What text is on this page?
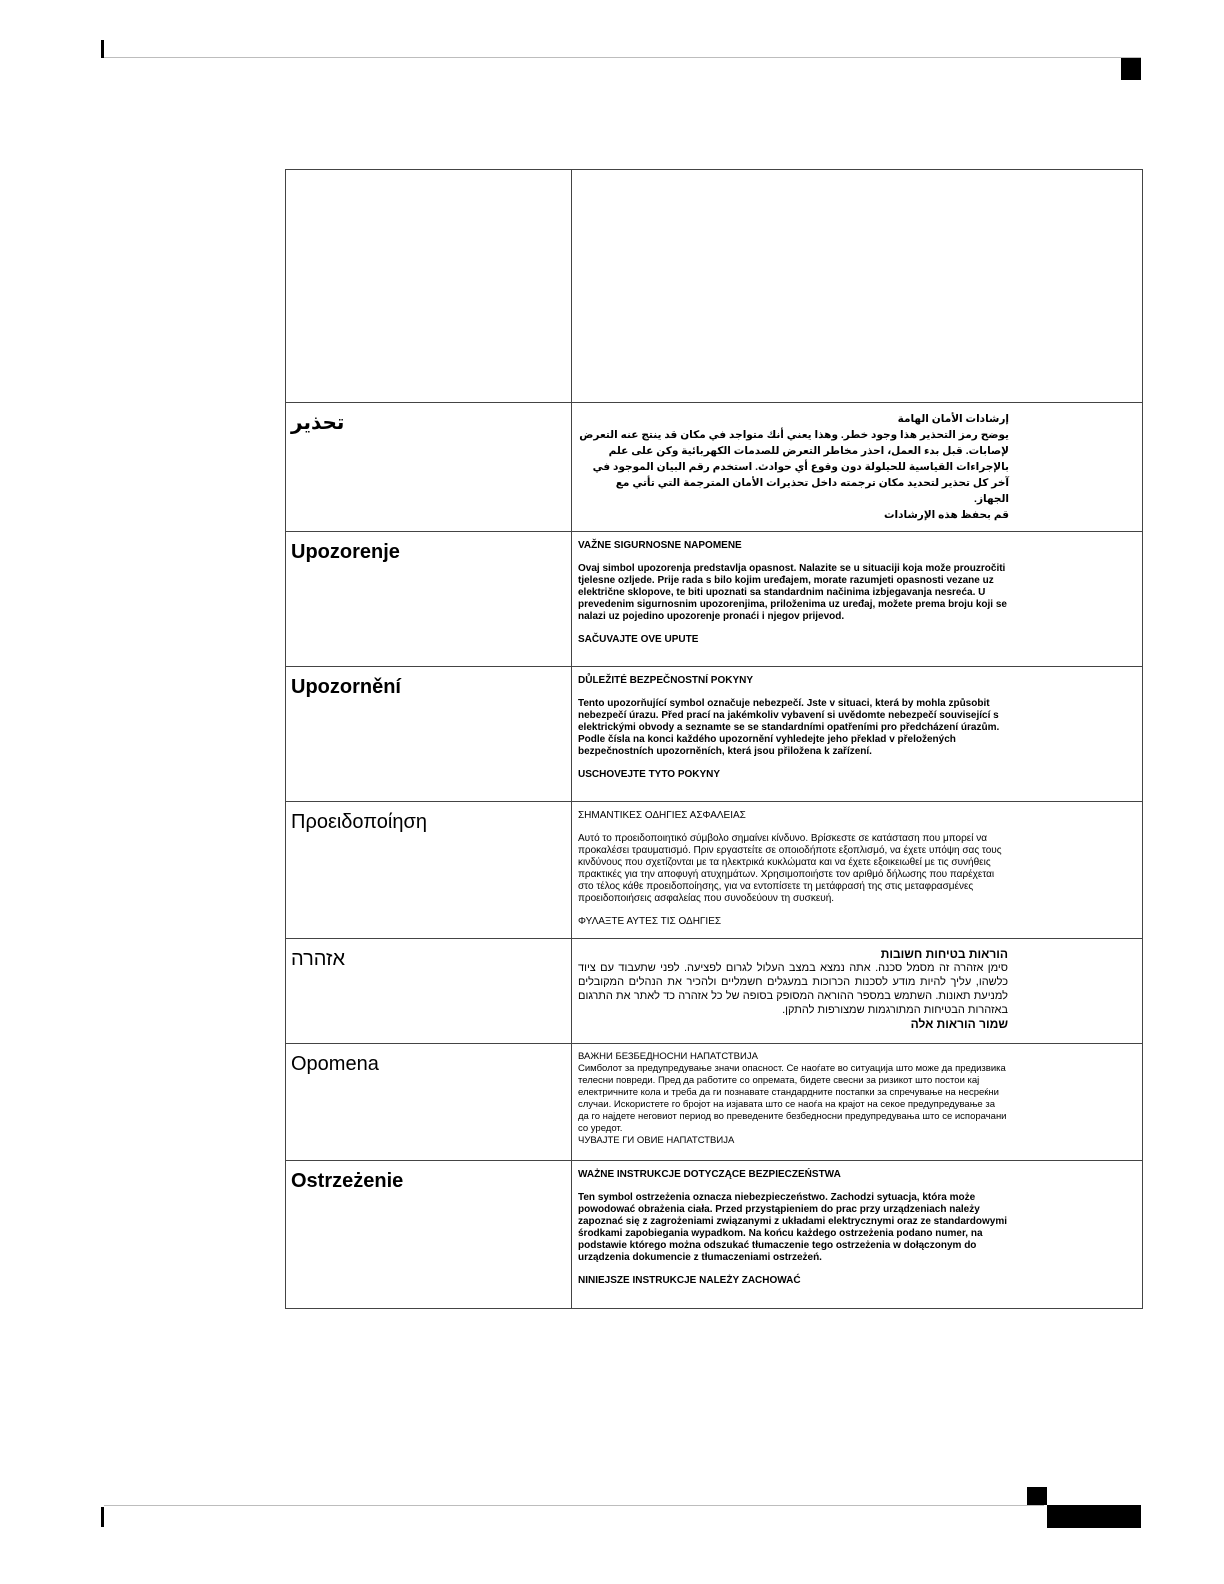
تحذير	إرشادات الأمان الهامة

يوضح رمز التحذير هذا وجود خطر. وهذا يعني أنك متواجد في مكان قد ينتج عنه التعرض لإصابات. قبل بدء العمل، احذر مخاطر التعرض للصدمات الكهربائية وكن على علم بالإجراءات القياسية للحيلولة دون وقوع أي حوادث. استخدم رقم البيان الموجود في آخر كل تحذير لتحديد مكان ترجمته داخل تحذيرات الأمان المترجمة التي تأتي مع الجهاز.

قم بحفظ هذه الإرشادات

Upozorenje	VAŽNE SIGURNOSNE NAPOMENE

Ovaj simbol upozorenja predstavlja opasnost. Nalazite se u situaciji koja može prouzročiti tjelesne ozljede. Prije rada s bilo kojim uređajem, morate razumjeti opasnosti vezane uz električne sklopove, te biti upoznati sa standardnim načinima izbjegavanja nesreća. U prevedenim sigurnosnim upozorenjima, priloženima uz uređaj, možete prema broju koji se nalazi uz pojedino upozorenje pronaći i njegov prijevod.

SAČUVAJTE OVE UPUTE

Upozornění	DŮLEŽITÉ BEZPEČNOSTNÍ POKYNY

Tento upozorňující symbol označuje nebezpečí. Jste v situaci, která by mohla způsobit nebezpečí úrazu. Před prací na jakémkoliv vybavení si uvědomte nebezpečí související s elektrickými obvody a seznamte se se standardními opatřeními pro předcházení úrazům. Podle čísla na konci každého upozornění vyhledejte jeho překlad v přeložených bezpečnostních upozorněních, která jsou přiložena k zařízení.

USCHOVEJTE TYTO POKYNY

Προειδοποίηση	ΣΗΜΑΝΤΙΚΕΣ ΟΔΗΓΙΕΣ ΑΣΦΑΛΕΙΑΣ

Αυτό το προειδοποιητικό σύμβολο σημαίνει κίνδυνο. Βρίσκεστε σε κατάσταση που μπορεί να προκαλέσει τραυματισμό. Πριν εργαστείτε σε οποιοδήποτε εξοπλισμό, να έχετε υπόψη σας τους κινδύνους που σχετίζονται με τα ηλεκτρικά κυκλώματα και να έχετε εξοικειωθεί με τις συνήθεις πρακτικές για την αποφυγή ατυχημάτων. Χρησιμοποιήστε τον αριθμό δήλωσης που παρέχεται στο τέλος κάθε προειδοποίησης, για να εντοπίσετε τη μετάφρασή της στις μεταφρασμένες προειδοποιήσεις ασφαλείας που συνοδεύουν τη συσκευή.

ΦΥΛΑΞΤΕ ΑΥΤΕΣ ΤΙΣ ΟΔΗΓΙΕΣ

אזהרה	הוראות בטיחות חשובות

סימן אזהרה זה מסמל סכנה. אתה נמצא במצב העלול לגרום לפציעה. לפני שתעבוד עם ציוד כלשהו, עליך להיות מודע לסכנות הכרוכות במעגלים חשמליים ולהכיר את הנהלים המקובלים למניעת תאונות. השתמש במספר ההוראה המסופק בסופה של כל אזהרה כד לאתר את התרגום באזהרות הבטיחות המתורגמות שמצורפות להתקן.

שמור הוראות אלה

Opomena	ВАЖНИ БЕЗБЕДНОСНИ НАПАТСТВИЈА

Симболот за предупредување значи опасност. Се наоѓате во ситуација што може да предизвика телесни повреди. Пред да работите со опремата, бидете свесни за ризикот што постои кај електричните кола и треба да ги познавате стандардните постапки за спречување на несреќни случаи. Искористете го бројот на изјавата што се наоѓа на крајот на секое предупредување за да го најдете неговиот период во преведените безбедносни предупредувања што се испорачани со уредот.

ЧУВАЈТЕ ГИ ОВИЕ НАПАТСТВИЈА

Ostrzeżenie	WAŻNE INSTRUKCJE DOTYCZĄCE BEZPIECZEŃSTWA

Ten symbol ostrzeżenia oznacza niebezpieczeństwo. Zachodzi sytuacja, która może powodować obrażenia ciała. Przed przystąpieniem do prac przy urządzeniach należy zapoznać się z zagrożeniami związanymi z układami elektrycznymi oraz ze standardowymi środkami zapobiegania wypadkom. Na końcu każdego ostrzeżenia podano numer, na podstawie którego można odszukać tłumaczenie tego ostrzeżenia w dołączonym do urządzenia dokumencie z tłumaczeniami ostrzeżeń.

NINIEJSZE INSTRUKCJE NALEŻY ZACHOWAĆ
